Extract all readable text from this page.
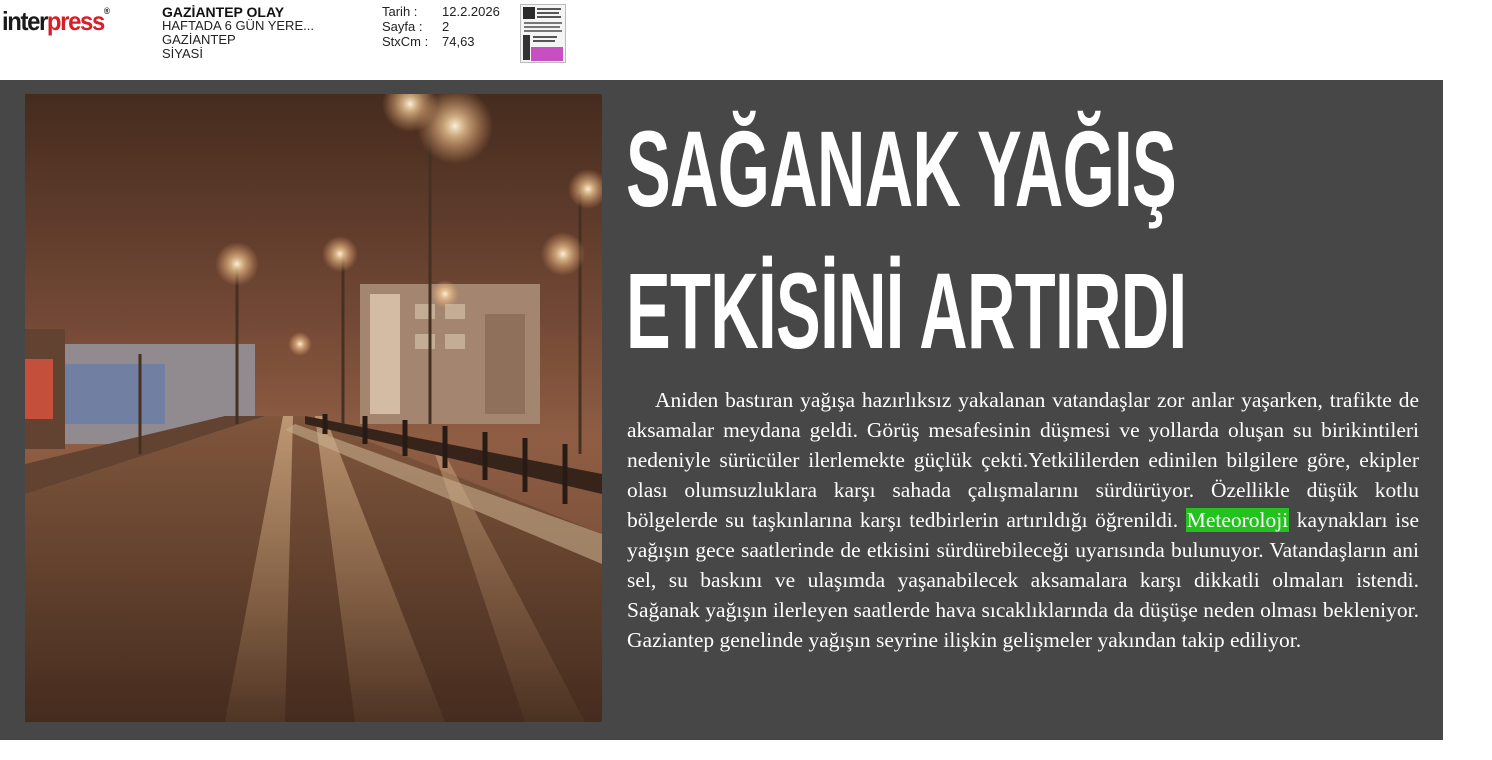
interpress®	GAZİANTEP OLAY
HAFTADA 6 GÜN YERE...
GAZİANTEP
SİYASİ
Tarih :	12.2.2026
Sayfa :	2
StxCm :	74,63
SAĞANAK YAĞIŞ
ETKİSİNİ ARTIRDI
Aniden bastıran yağışa hazırlıksız yakalanan vatandaşlar zor anlar yaşarken, trafikte de aksamalar meydana geldi. Görüş mesafesinin düşmesi ve yollarda oluşan su birikintileri nedeniyle sürücüler ilerlemekte güçlük çekti.Yetkililerden edinilen bilgilere göre, ekipler olası olumsuzluklara karşı sahada çalışmalarını sürdürüyor. Özellikle düşük kotlu bölgelerde su taşkınlarına karşı tedbirlerin artırıldığı öğrenildi. Meteoroloji kaynakları ise yağışın gece saatlerinde de etkisini sürdürebileceği uyarısında bulunuyor. Vatandaşların ani sel, su baskını ve ulaşımda yaşanabilecek aksamalara karşı dikkatli olmaları istendi. Sağanak yağışın ilerleyen saatlerde hava sıcaklıklarında da düşüşe neden olması bekleniyor. Gaziantep genelinde yağışın seyrine ilişkin gelişmeler yakından takip ediliyor.
